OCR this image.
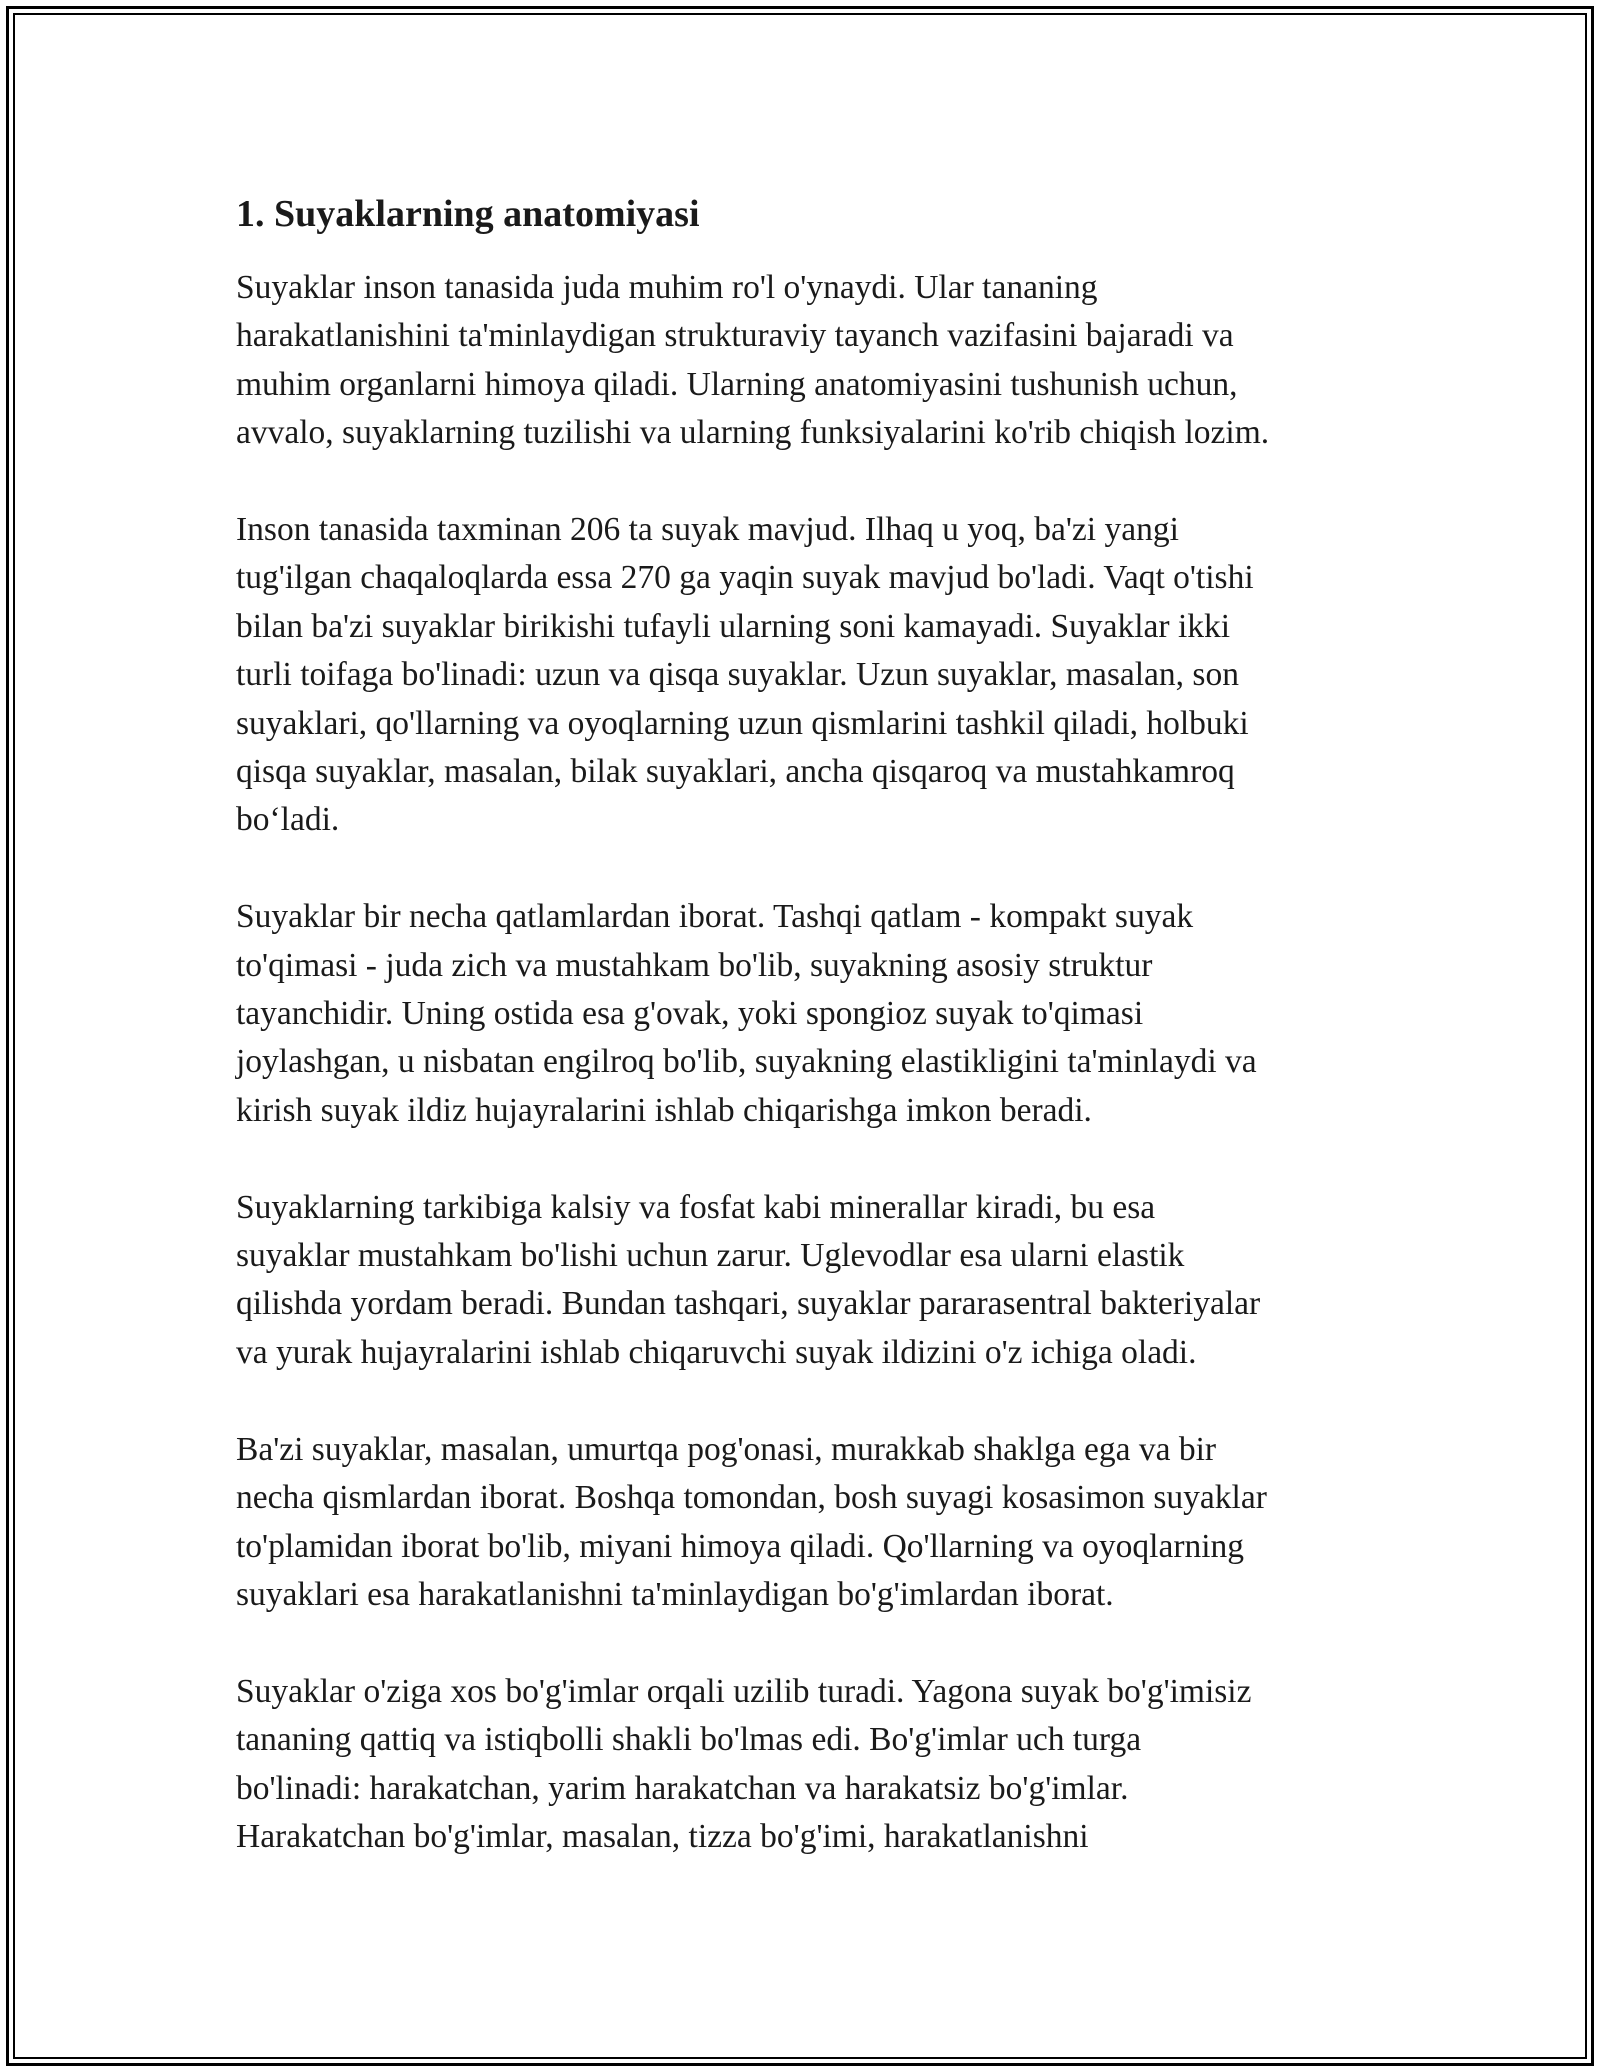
1. Suyaklarning anatomiyasi

Suyaklar inson tanasida juda muhim ro'l o'ynaydi. Ular tananing
harakatlanishini ta'minlaydigan strukturaviy tayanch vazifasini bajaradi va
muhim organlarni himoya qiladi. Ularning anatomiyasini tushunish uchun,
avvalo, suyaklarning tuzilishi va ularning funksiyalarini ko'rib chiqish lozim.

Inson tanasida taxminan 206 ta suyak mavjud. Ilhaq u yoq, ba'zi yangi
tug'ilgan chaqaloqlarda essa 270 ga yaqin suyak mavjud bo'ladi. Vaqt o'tishi
bilan ba'zi suyaklar birikishi tufayli ularning soni kamayadi. Suyaklar ikki
turli toifaga bo'linadi: uzun va qisqa suyaklar. Uzun suyaklar, masalan, son
suyaklari, qo'llarning va oyoqlarning uzun qismlarini tashkil qiladi, holbuki
qisqa suyaklar, masalan, bilak suyaklari, ancha qisqaroq va mustahkamroq
bo‘ladi.

Suyaklar bir necha qatlamlardan iborat. Tashqi qatlam - kompakt suyak
to'qimasi - juda zich va mustahkam bo'lib, suyakning asosiy struktur
tayanchidir. Uning ostida esa g'ovak, yoki spongioz suyak to'qimasi
joylashgan, u nisbatan engilroq bo'lib, suyakning elastikligini ta'minlaydi va
kirish suyak ildiz hujayralarini ishlab chiqarishga imkon beradi.

Suyaklarning tarkibiga kalsiy va fosfat kabi minerallar kiradi, bu esa
suyaklar mustahkam bo'lishi uchun zarur. Uglevodlar esa ularni elastik
qilishda yordam beradi. Bundan tashqari, suyaklar pararasentral bakteriyalar
va yurak hujayralarini ishlab chiqaruvchi suyak ildizini o'z ichiga oladi.

Ba'zi suyaklar, masalan, umurtqa pog'onasi, murakkab shaklga ega va bir
necha qismlardan iborat. Boshqa tomondan, bosh suyagi kosasimon suyaklar
to'plamidan iborat bo'lib, miyani himoya qiladi. Qo'llarning va oyoqlarning
suyaklari esa harakatlanishni ta'minlaydigan bo'g'imlardan iborat.

Suyaklar o'ziga xos bo'g'imlar orqali uzilib turadi. Yagona suyak bo'g'imisiz
tananing qattiq va istiqbolli shakli bo'lmas edi. Bo'g'imlar uch turga
bo'linadi: harakatchan, yarim harakatchan va harakatsiz bo'g'imlar.
Harakatchan bo'g'imlar, masalan, tizza bo'g'imi, harakatlanishni
